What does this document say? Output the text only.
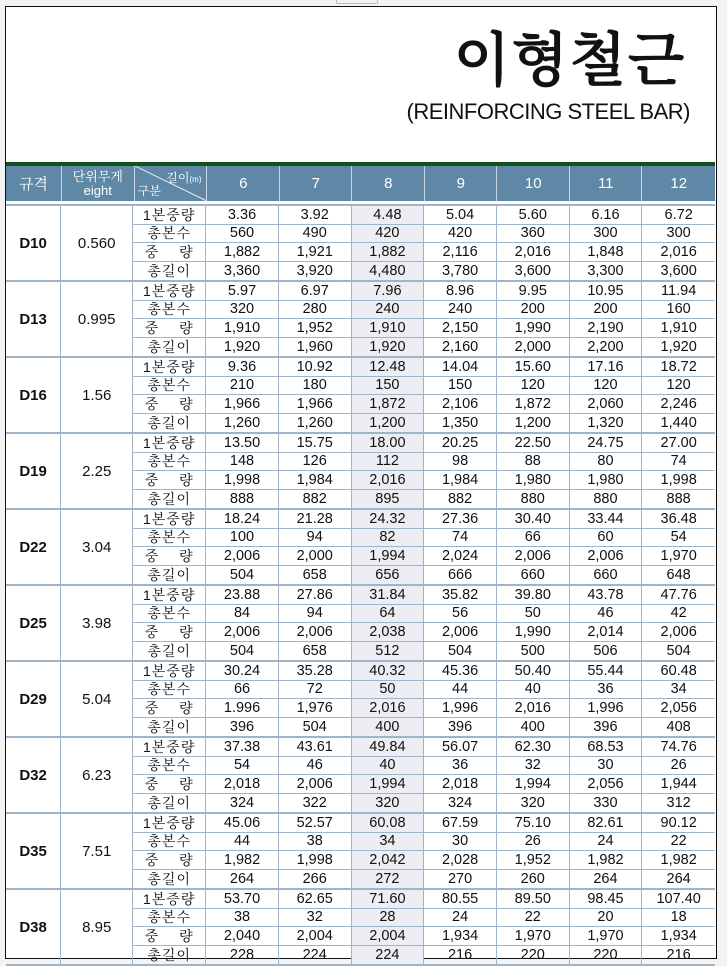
이형철근
(REINFORCING STEEL BAR)
규격	단위무게
eight
길이(m)
구분	6	7	8	9	10	11	12
D10	0.560
1본중량	3.36	3.92	4.48	5.04	5.60	6.16	6.72
총본수	560	490	420	420	360	300	300
중　 량	1,882	1,921	1,882	2,116	2,016	1,848	2,016
총길이	3,360	3,920	4,480	3,780	3,600	3,300	3,600
D13	0.995
1본중량	5.97	6.97	7.96	8.96	9.95	10.95	11.94
총본수	320	280	240	240	200	200	160
중　 량	1,910	1,952	1,910	2,150	1,990	2,190	1,910
총길이	1,920	1,960	1,920	2,160	2,000	2,200	1,920
D16	1.56
1본중량	9.36	10.92	12.48	14.04	15.60	17.16	18.72
총본수	210	180	150	150	120	120	120
중　 량	1,966	1,966	1,872	2,106	1,872	2,060	2,246
총길이	1,260	1,260	1,200	1,350	1,200	1,320	1,440
D19	2.25
1본중량	13.50	15.75	18.00	20.25	22.50	24.75	27.00
총본수	148	126	112	98	88	80	74
중　 량	1,998	1,984	2,016	1,984	1,980	1,980	1,998
총길이	888	882	895	882	880	880	888
D22	3.04
1본중량	18.24	21.28	24.32	27.36	30.40	33.44	36.48
총본수	100	94	82	74	66	60	54
중　 량	2,006	2,000	1,994	2,024	2,006	2,006	1,970
총길이	504	658	656	666	660	660	648
D25	3.98
1본중량	23.88	27.86	31.84	35.82	39.80	43.78	47.76
총본수	84	94	64	56	50	46	42
중　 량	2,006	2,006	2,038	2,006	1,990	2,014	2,006
총길이	504	658	512	504	500	506	504
D29	5.04
1본중량	30.24	35.28	40.32	45.36	50.40	55.44	60.48
총본수	66	72	50	44	40	36	34
중　 량	1.996	1,976	2,016	1,996	2,016	1,996	2,056
총길이	396	504	400	396	400	396	408
D32	6.23
1본중량	37.38	43.61	49.84	56.07	62.30	68.53	74.76
총본수	54	46	40	36	32	30	26
중　 량	2,018	2,006	1,994	2,018	1,994	2,056	1,944
총길이	324	322	320	324	320	330	312
D35	7.51
1본중량	45.06	52.57	60.08	67.59	75.10	82.61	90.12
총본수	44	38	34	30	26	24	22
중　 량	1,982	1,998	2,042	2,028	1,952	1,982	1,982
총길이	264	266	272	270	260	264	264
D38	8.95
1본증량	53.70	62.65	71.60	80.55	89.50	98.45	107.40
총본수	38	32	28	24	22	20	18
중　 량	2,040	2,004	2,004	1,934	1,970	1,970	1,934
총길이	228	224	224	216	220	220	216
